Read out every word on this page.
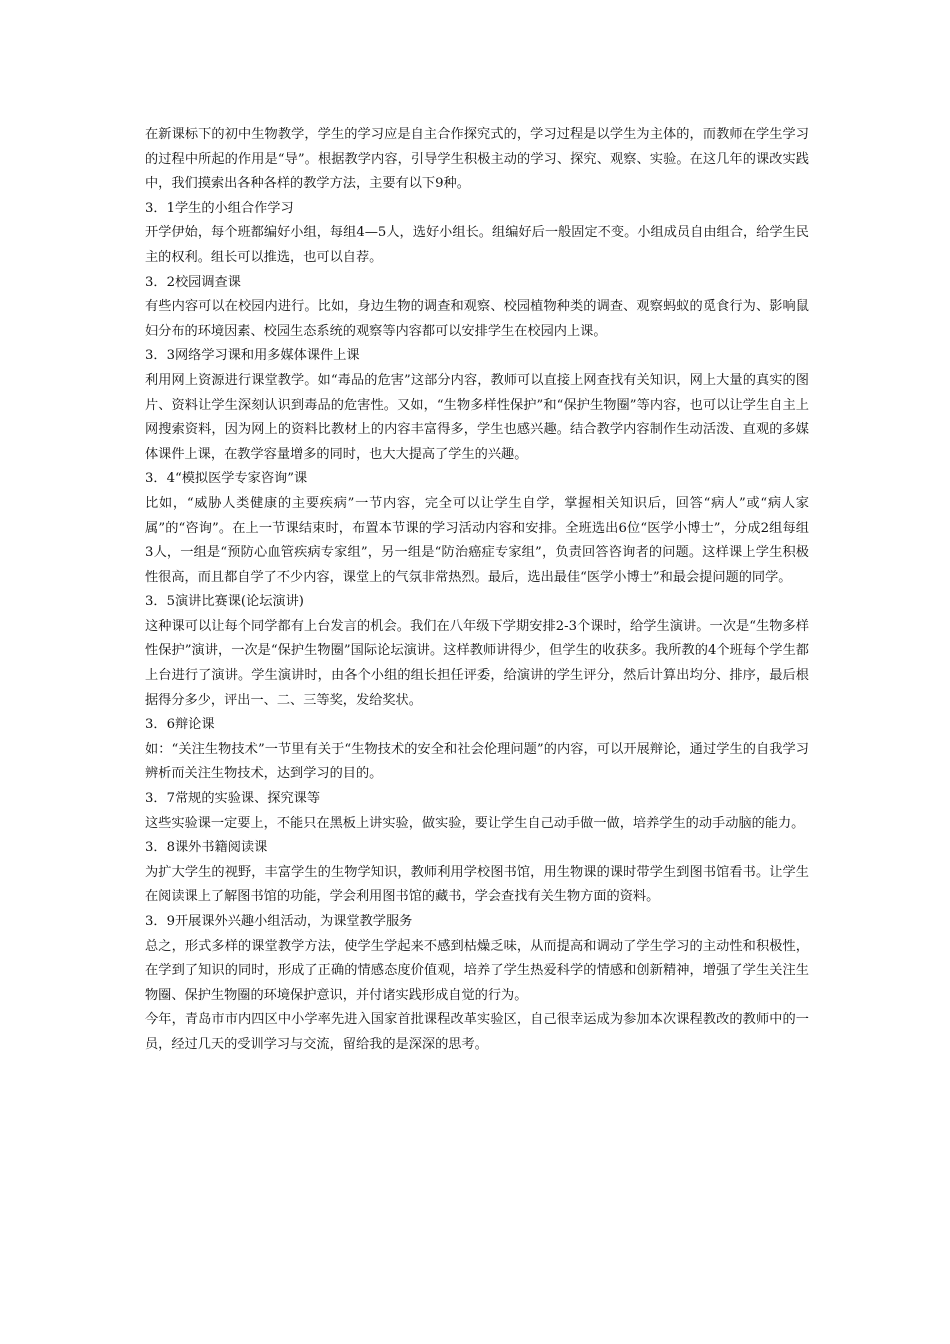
在新课标下的初中生物教学，学生的学习应是自主合作探究式的，学习过程是以学生为主体的，而教师在学生学习的过程中所起的作用是“导”。根据教学内容，引导学生积极主动的学习、探究、观察、实验。在这几年的课改实践中，我们摸索出各种各样的教学方法，主要有以下9种。

3．1学生的小组合作学习

开学伊始，每个班都编好小组，每组4—5人，选好小组长。组编好后一般固定不变。小组成员自由组合，给学生民主的权利。组长可以推选，也可以自荐。

3．2校园调查课

有些内容可以在校园内进行。比如，身边生物的调查和观察、校园植物种类的调查、观察蚂蚁的觅食行为、影响鼠妇分布的环境因素、校园生态系统的观察等内容都可以安排学生在校园内上课。

3．3网络学习课和用多媒体课件上课

利用网上资源进行课堂教学。如“毒品的危害”这部分内容，教师可以直接上网查找有关知识，网上大量的真实的图片、资料让学生深刻认识到毒品的危害性。又如，“生物多样性保护”和“保护生物圈”等内容，也可以让学生自主上网搜索资料，因为网上的资料比教材上的内容丰富得多，学生也感兴趣。结合教学内容制作生动活泼、直观的多媒体课件上课，在教学容量增多的同时，也大大提高了学生的兴趣。

3．4“模拟医学专家咨询”课

比如，“威胁人类健康的主要疾病”一节内容，完全可以让学生自学，掌握相关知识后，回答“病人”或“病人家属”的“咨询”。在上一节课结束时，布置本节课的学习活动内容和安排。全班选出6位“医学小博士”，分成2组每组3人，一组是“预防心血管疾病专家组”，另一组是“防治癌症专家组”，负责回答咨询者的问题。这样课上学生积极性很高，而且都自学了不少内容，课堂上的气氛非常热烈。最后，选出最佳“医学小博士”和最会提问题的同学。

3．5演讲比赛课(论坛演讲)

这种课可以让每个同学都有上台发言的机会。我们在八年级下学期安排2-3个课时，给学生演讲。一次是“生物多样性保护”演讲，一次是“保护生物圈”国际论坛演讲。这样教师讲得少，但学生的收获多。我所教的4个班每个学生都上台进行了演讲。学生演讲时，由各个小组的组长担任评委，给演讲的学生评分，然后计算出均分、排序，最后根据得分多少，评出一、二、三等奖，发给奖状。

3．6辩论课

如：“关注生物技术”一节里有关于“生物技术的安全和社会伦理问题”的内容，可以开展辩论，通过学生的自我学习辨析而关注生物技术，达到学习的目的。

3．7常规的实验课、探究课等

这些实验课一定要上，不能只在黑板上讲实验，做实验，要让学生自己动手做一做，培养学生的动手动脑的能力。

3．8课外书籍阅读课

为扩大学生的视野，丰富学生的生物学知识，教师利用学校图书馆，用生物课的课时带学生到图书馆看书。让学生在阅读课上了解图书馆的功能，学会利用图书馆的藏书，学会查找有关生物方面的资料。

3．9开展课外兴趣小组活动，为课堂教学服务

总之，形式多样的课堂教学方法，使学生学起来不感到枯燥乏味，从而提高和调动了学生学习的主动性和积极性，在学到了知识的同时，形成了正确的情感态度价值观，培养了学生热爱科学的情感和创新精神，增强了学生关注生物圈、保护生物圈的环境保护意识，并付诸实践形成自觉的行为。

今年，青岛市市内四区中小学率先进入国家首批课程改革实验区，自己很幸运成为参加本次课程教改的教师中的一员，经过几天的受训学习与交流，留给我的是深深的思考。
